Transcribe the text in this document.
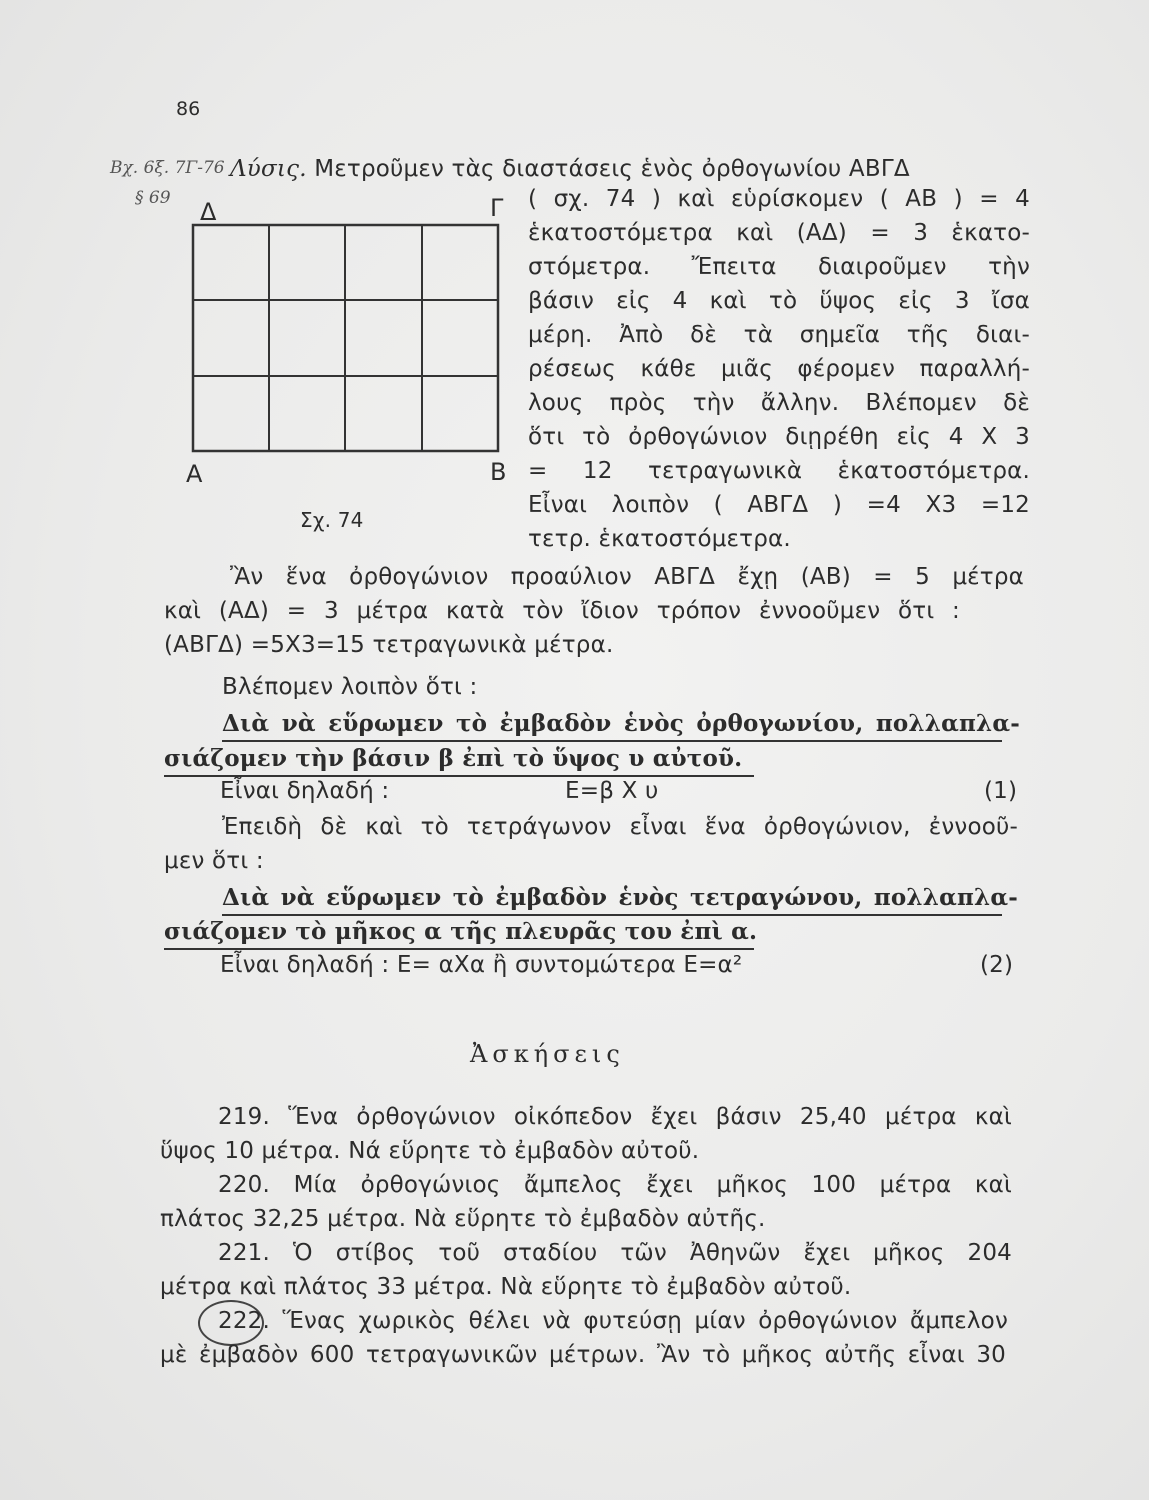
86
Βχ. 6ξ. 7Γ-76
§ 69 Δ	Γ
Α	Β
Σχ. 74
Λύσις. Μετροῦμεν τὰς διαστάσεις ἑνὸς ὀρθογωνίου ΑΒΓΔ
( σχ. 74 ) καὶ εὑρίσκομεν ( ΑΒ ) = 4
ἑκατοστόμετρα καὶ (ΑΔ) = 3 ἑκατο-
στόμετρα. Ἔπειτα διαιροῦμεν τὴν
βάσιν εἰς 4 καὶ τὸ ὕψος εἰς 3 ἴσα
μέρη. Ἀπὸ δὲ τὰ σημεῖα τῆς διαι-
ρέσεως κάθε μιᾶς φέρομεν παραλλή-
λους πρὸς τὴν ἄλλην. Βλέπομεν δὲ
ὅτι τὸ ὀρθογώνιον διῃρέθη εἰς 4 Χ 3
= 12 τετραγωνικὰ ἑκατοστόμετρα.
Εἶναι λοιπὸν ( ΑΒΓΔ ) =4 Χ3 =12
τετρ. ἑκατοστόμετρα.
Ἂν ἕνα ὀρθογώνιον προαύλιον ΑΒΓΔ ἔχῃ (ΑΒ) = 5 μέτρα
καὶ (ΑΔ) = 3 μέτρα κατὰ τὸν ἴδιον τρόπον ἐννοοῦμεν ὅτι :
(ΑΒΓΔ) =5Χ3=15 τετραγωνικὰ μέτρα.
Βλέπομεν λοιπὸν ὅτι :
Διὰ νὰ εὕρωμεν τὸ ἐμβαδὸν ἑνὸς ὀρθογωνίου, πολλαπλα-
σιάζομεν τὴν βάσιν β ἐπὶ τὸ ὕψος υ αὐτοῦ.
Εἶναι δηλαδή :	Ε=β Χ υ	(1)
Ἐπειδὴ δὲ καὶ τὸ τετράγωνον εἶναι ἕνα ὀρθογώνιον, ἐννοοῦ-
μεν ὅτι :
Διὰ νὰ εὕρωμεν τὸ ἐμβαδὸν ἑνὸς τετραγώνου, πολλαπλα-
σιάζομεν τὸ μῆκος α τῆς πλευρᾶς του ἐπὶ α.
Εἶναι δηλαδή : Ε= αΧα ἢ συντομώτερα Ε=α²	(2)
Ἀσκήσεις
219. Ἕνα ὀρθογώνιον οἰκόπεδον ἔχει βάσιν 25,40 μέτρα καὶ
ὕψος 10 μέτρα. Νά εὕρητε τὸ ἐμβαδὸν αὐτοῦ.
220. Μία ὀρθογώνιος ἄμπελος ἔχει μῆκος 100 μέτρα καὶ
πλάτος 32,25 μέτρα. Νὰ εὕρητε τὸ ἐμβαδὸν αὐτῆς.
221. Ὁ στίβος τοῦ σταδίου τῶν Ἀθηνῶν ἔχει μῆκος 204
μέτρα καὶ πλάτος 33 μέτρα. Νὰ εὕρητε τὸ ἐμβαδὸν αὐτοῦ.
222. Ἕνας χωρικὸς θέλει νὰ φυτεύσῃ μίαν ὀρθογώνιον ἄμπελον
μὲ ἐμβαδὸν 600 τετραγωνικῶν μέτρων. Ἂν τὸ μῆκος αὐτῆς εἶναι 30
